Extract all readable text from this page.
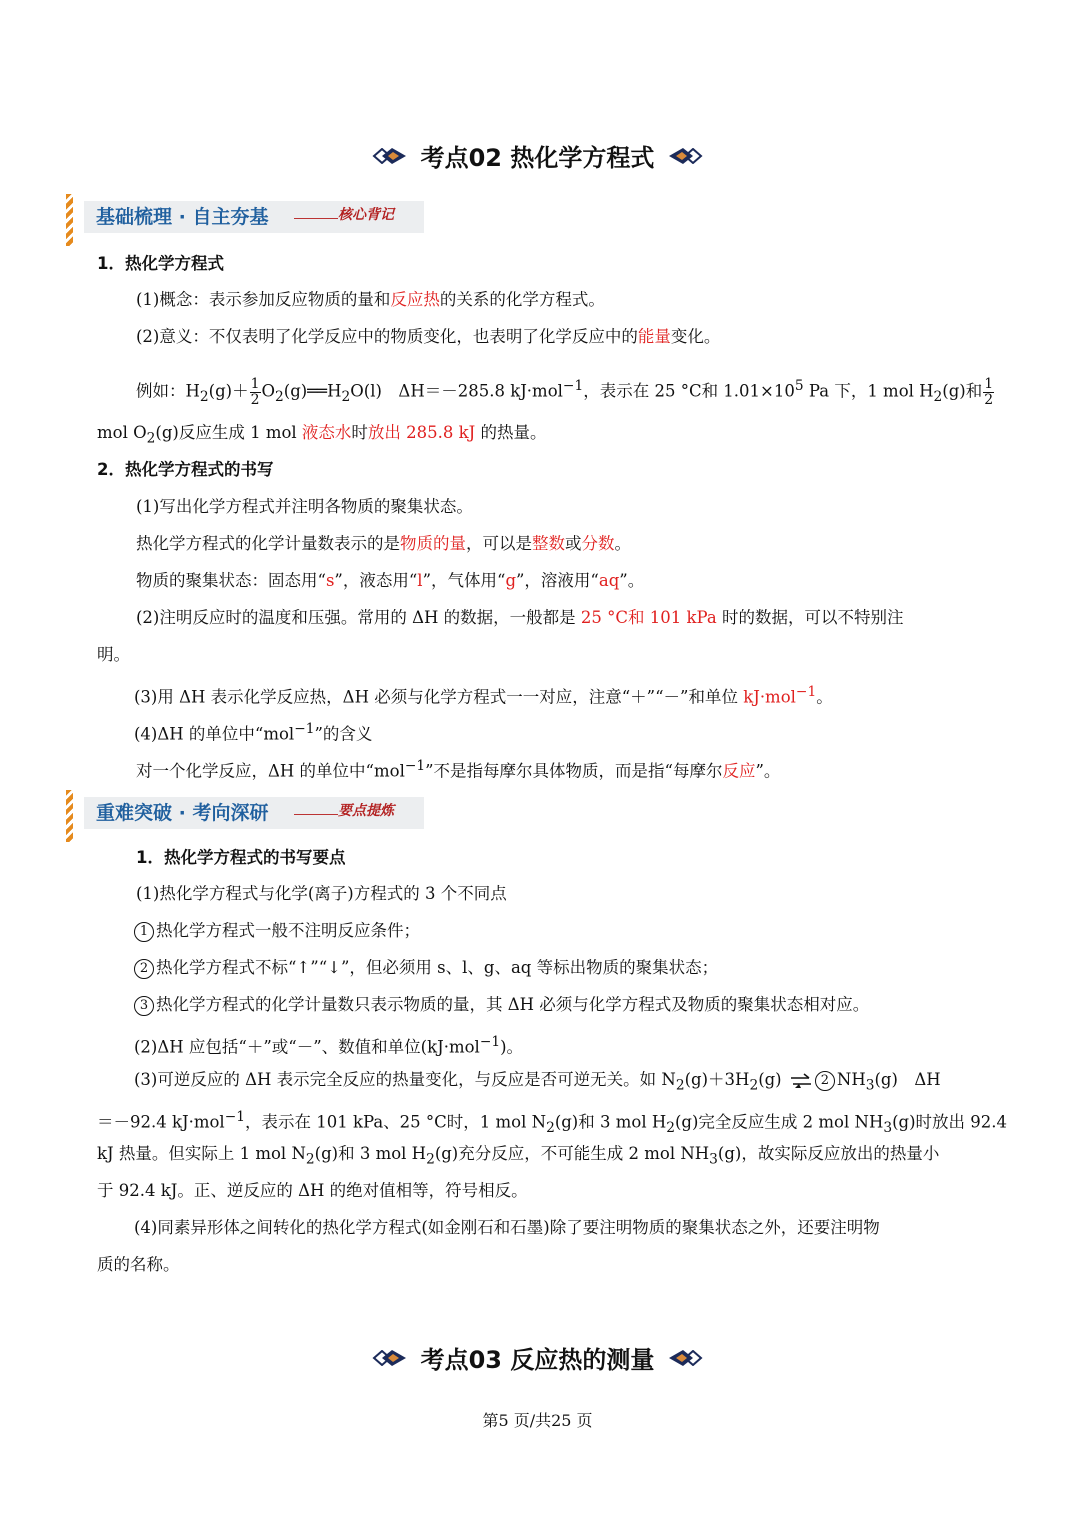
考点02 热化学方程式
基础梳理 · 自主夯基	核心背记
1．热化学方程式
(1)概念：表示参加反应物质的量和反应热的关系的化学方程式。
(2)意义：不仅表明了化学反应中的物质变化，也表明了化学反应中的能量变化。
例如：$H_2(g)+ \frac{1}{2}$ $O_2(g)══H_2O(l)$　ΔH＝－285.8 kJ·mol$^{-1}$，表示在 25 °C和 $1.01\times 10^5$ Pa 下，1 mol $H_2(g)$和 $\frac{1}{2}$
mol $O_2(g)$反应生成 1 mol 液态水时放出 285.8 kJ 的热量。
2．热化学方程式的书写
(1)写出化学方程式并注明各物质的聚集状态。
热化学方程式的化学计量数表示的是物质的量，可以是整数或分数。
物质的聚集状态：固态用“s”，液态用“l”，气体用“g”，溶液用“aq”。
(2)注明反应时的温度和压强。常用的 ΔH 的数据，一般都是 25 °C和 101 kPa 时的数据，可以不特别注
明。
(3)用 ΔH 表示化学反应热，ΔH 必须与化学方程式一一对应，注意“＋”“－”和单位 kJ·mol$^{-1}$。
(4)ΔH 的单位中“mol$^{-1}$”的含义
对一个化学反应，ΔH 的单位中“mol$^{-1}$”不是指每摩尔具体物质，而是指“每摩尔反应”。
重难突破 · 考向深研	要点提炼
1．热化学方程式的书写要点
(1)热化学方程式与化学(离子)方程式的 3 个不同点
1 热化学方程式一般不注明反应条件；
2 热化学方程式不标“↑”“↓”，但必须用 s、l、g、aq 等标出物质的聚集状态；
3 热化学方程式的化学计量数只表示物质的量，其 ΔH 必须与化学方程式及物质的聚集状态相对应。
(2)ΔH 应包括“＋”或“－”、数值和单位(kJ·mol$^{-1}$)。
(3)可逆反应的 ΔH 表示完全反应的热量变化，与反应是否可逆无关。如 $N_2(g)+3H_2(g)$ ⇌ 2 $NH_3(g)$　ΔH
＝－92.4 kJ·mol$^{-1}$，表示在 101 kPa、25 °C时，1 mol $N_2(g)$和 3 mol $H_2(g)$完全反应生成 2 mol $NH_3(g)$时放出 92.4
kJ 热量。但实际上 1 mol $N_2(g)$和 3 mol $H_2(g)$充分反应，不可能生成 2 mol $NH_3(g)$，故实际反应放出的热量小
于 92.4 kJ。正、逆反应的 ΔH 的绝对值相等，符号相反。
(4)同素异形体之间转化的热化学方程式(如金刚石和石墨)除了要注明物质的聚集状态之外，还要注明物
质的名称。
考点03 反应热的测量
第5 页/共25 页
